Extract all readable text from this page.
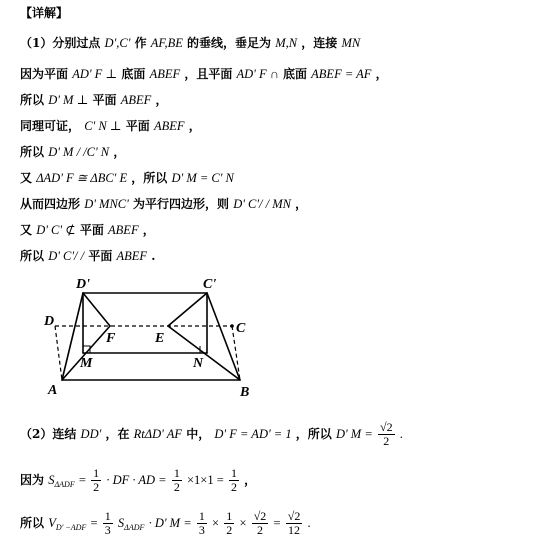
【详解】
（1）分别过点 D',C' 作 AF,BE 的垂线，垂足为 M,N ，连接 MN
因为平面 AD' F ⊥ 底面 ABEF ，且平面 AD' F ∩ 底面 ABEF = AF ，
所以 D' M ⊥ 平面 ABEF ，
同理可证， C' N ⊥ 平面 ABEF ，
所以 D' M / /C' N ，
又 ΔAD' F ≅ ΔBC' E ，所以 D' M = C' N
从而四边形 D' MNC' 为平行四边形，则 D' C'/ / MN ，
又 D' C' ⊄ 平面 ABEF ，
所以 D' C'/ / 平面 ABEF .
D'	C'
D	C
F	E
M	N
A	B
（2）连结 DD' ，在 RtΔD' AF 中， D' F = AD' = 1 ，所以 D' $M = \frac{√2}{2}$ .
因为 $S_{\Delta ADF} = \frac{1}{2}$ · DF · AD = $\frac{1}{2} \times 1\times 1 = \frac{1}{2}$ ，
所以 $V_{D' -ADF} = \frac{1}{3} S_{\Delta ADF} \cdot D'$ $M = \frac{1}{3} \times \frac{1}{2} \times \frac{√2}{2} = \frac{√2}{12}$ .
